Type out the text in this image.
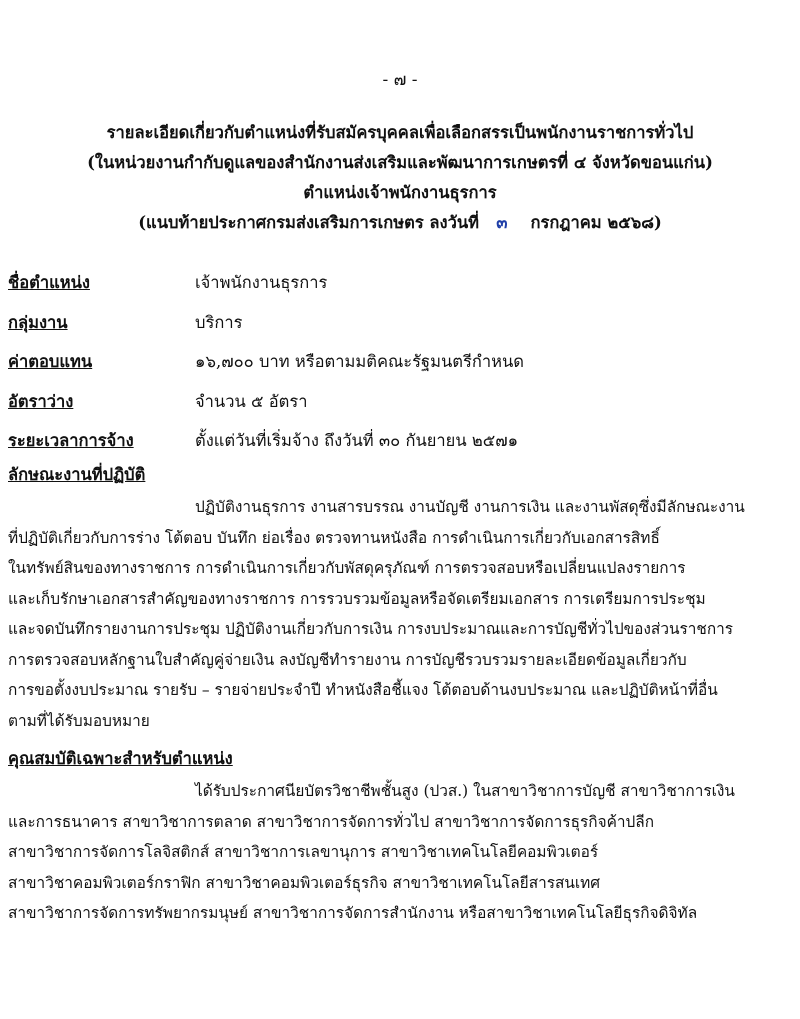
- ๗ -
รายละเอียดเกี่ยวกับตำแหน่งที่รับสมัครบุคคลเพื่อเลือกสรรเป็นพนักงานราชการทั่วไป
(ในหน่วยงานกำกับดูแลของสำนักงานส่งเสริมและพัฒนาการเกษตรที่ ๔ จังหวัดขอนแก่น)
ตำแหน่งเจ้าพนักงานธุรการ
(แนบท้ายประกาศกรมส่งเสริมการเกษตร ลงวันที่ ๓ กรกฎาคม ๒๕๖๘)
ชื่อตำแหน่ง	เจ้าพนักงานธุรการ
กลุ่มงาน	บริการ
ค่าตอบแทน	๑๖,๗๐๐ บาท หรือตามมติคณะรัฐมนตรีกำหนด
อัตราว่าง	จำนวน ๕ อัตรา
ระยะเวลาการจ้าง	ตั้งแต่วันที่เริ่มจ้าง ถึงวันที่ ๓๐ กันยายน ๒๕๗๑
ลักษณะงานที่ปฏิบัติ
ปฏิบัติงานธุรการ งานสารบรรณ งานบัญชี งานการเงิน และงานพัสดุซึ่งมีลักษณะงาน
ที่ปฏิบัติเกี่ยวกับการร่าง โต้ตอบ บันทึก ย่อเรื่อง ตรวจทานหนังสือ การดำเนินการเกี่ยวกับเอกสารสิทธิ์
ในทรัพย์สินของทางราชการ การดำเนินการเกี่ยวกับพัสดุครุภัณฑ์ การตรวจสอบหรือเปลี่ยนแปลงรายการ
และเก็บรักษาเอกสารสำคัญของทางราชการ การรวบรวมข้อมูลหรือจัดเตรียมเอกสาร การเตรียมการประชุม
และจดบันทึกรายงานการประชุม ปฏิบัติงานเกี่ยวกับการเงิน การงบประมาณและการบัญชีทั่วไปของส่วนราชการ
การตรวจสอบหลักฐานใบสำคัญคู่จ่ายเงิน ลงบัญชีทำรายงาน การบัญชีรวบรวมรายละเอียดข้อมูลเกี่ยวกับ
การขอตั้งงบประมาณ รายรับ – รายจ่ายประจำปี ทำหนังสือชี้แจง โต้ตอบด้านงบประมาณ และปฏิบัติหน้าที่อื่น
ตามที่ได้รับมอบหมาย
คุณสมบัติเฉพาะสำหรับตำแหน่ง
ได้รับประกาศนียบัตรวิชาชีพชั้นสูง (ปวส.) ในสาขาวิชาการบัญชี สาขาวิชาการเงิน
และการธนาคาร สาขาวิชาการตลาด สาขาวิชาการจัดการทั่วไป สาขาวิชาการจัดการธุรกิจค้าปลีก
สาขาวิชาการจัดการโลจิสติกส์ สาขาวิชาการเลขานุการ สาขาวิชาเทคโนโลยีคอมพิวเตอร์
สาขาวิชาคอมพิวเตอร์กราฟิก สาขาวิชาคอมพิวเตอร์ธุรกิจ สาขาวิชาเทคโนโลยีสารสนเทศ
สาขาวิชาการจัดการทรัพยากรมนุษย์ สาขาวิชาการจัดการสำนักงาน หรือสาขาวิชาเทคโนโลยีธุรกิจดิจิทัล
